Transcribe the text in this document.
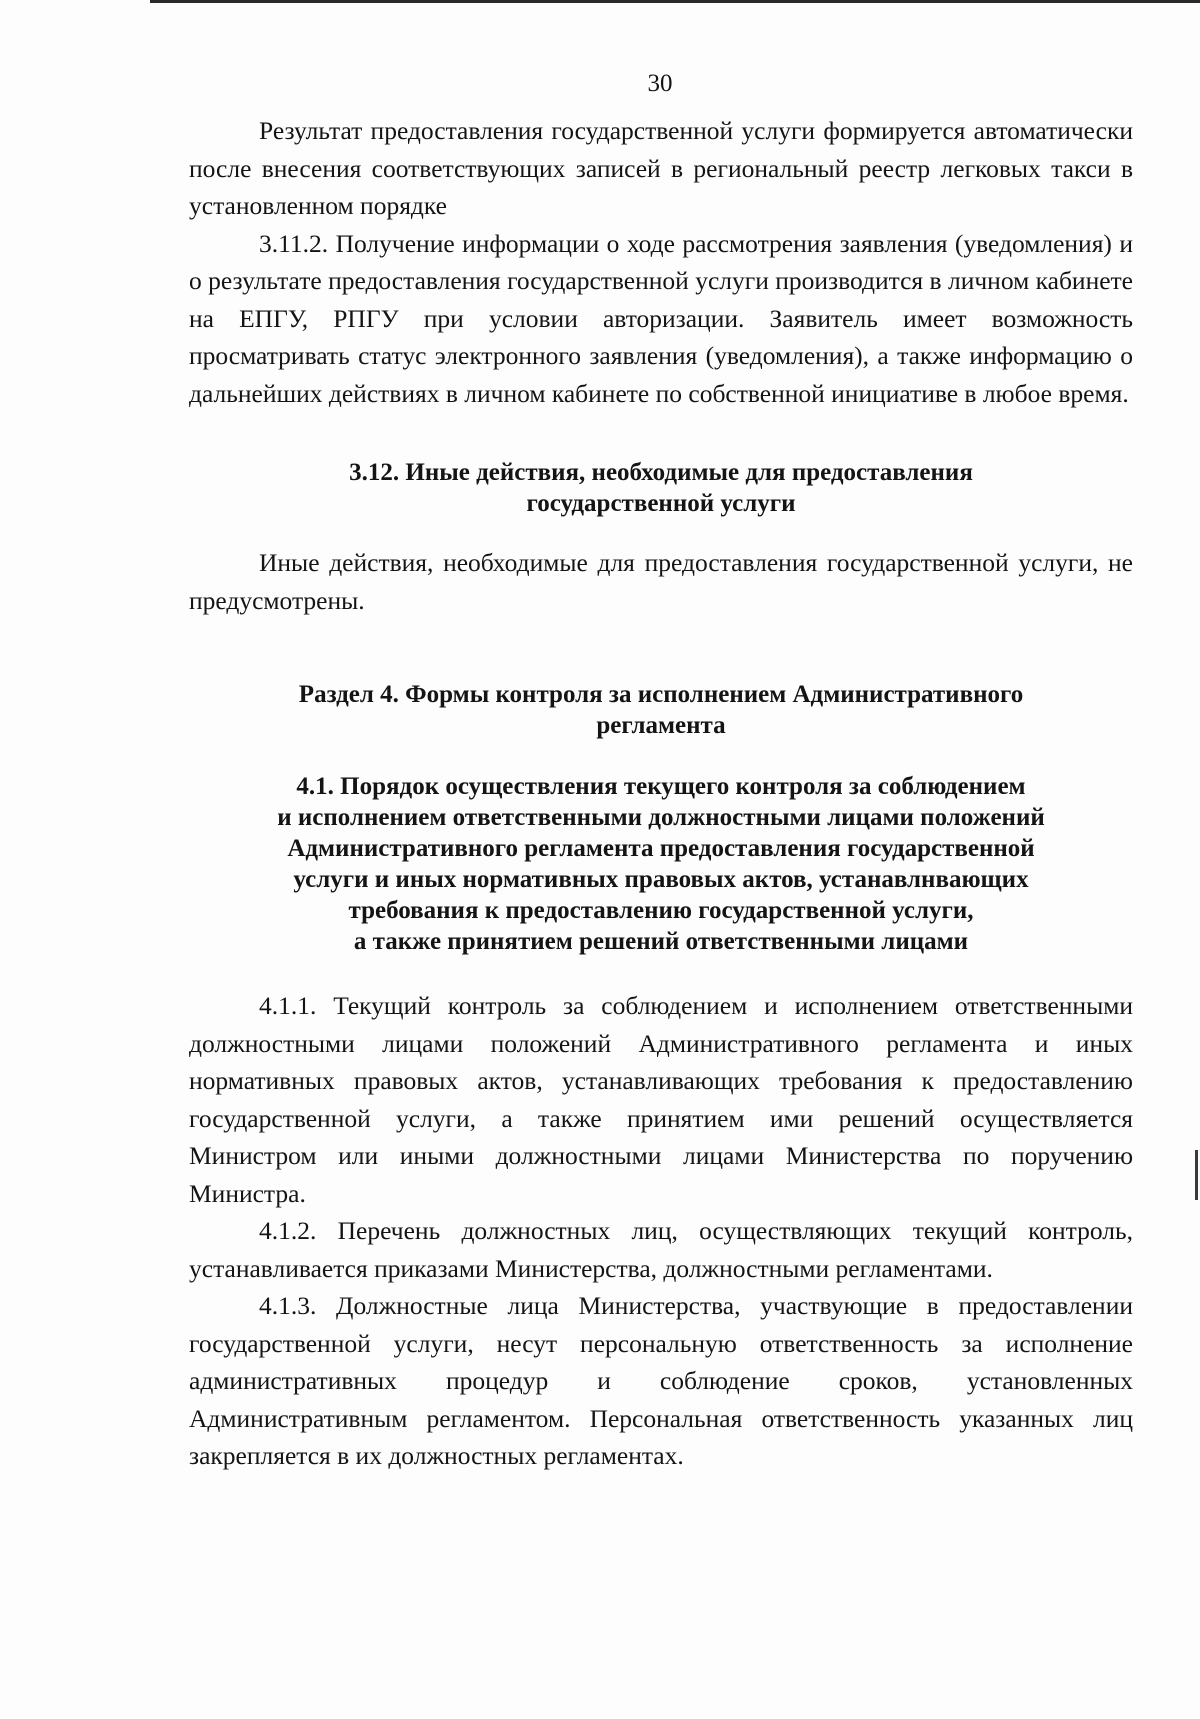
30

Результат предоставления государственной услуги формируется автоматически после внесения соответствующих записей в региональный реестр легковых такси в установленном порядке

3.11.2. Получение информации о ходе рассмотрения заявления (уведомления) и о результате предоставления государственной услуги производится в личном кабинете на ЕПГУ, РПГУ при условии авторизации. Заявитель имеет возможность просматривать статус электронного заявления (уведомления), а также информацию о дальнейших действиях в личном кабинете по собственной инициативе в любое время.

3.12. Иные действия, необходимые для предоставления
государственной услуги

Иные действия, необходимые для предоставления государственной услуги, не предусмотрены.

Раздел 4. Формы контроля за исполнением Административного
регламента
4.1. Порядок осуществления текущего контроля за соблюдением
и исполнением ответственными должностными лицами положений
Административного регламента предоставления государственной
услуги и иных нормативных правовых актов, устанавлнвающих
требования к предоставлению государственной услуги,
а также принятием решений ответственными лицами

4.1.1. Текущий контроль за соблюдением и исполнением ответственными должностными лицами положений Административного регламента и иных нормативных правовых актов, устанавливающих требования к предоставлению государственной услуги, а также принятием ими решений осуществляется Министром или иными должностными лицами Министерства по поручению Министра.

4.1.2. Перечень должностных лиц, осуществляющих текущий контроль, устанавливается приказами Министерства, должностными регламентами.

4.1.3. Должностные лица Министерства, участвующие в предоставлении государственной услуги, несут персональную ответственность за исполнение административных процедур и соблюдение сроков, установленных Административным регламентом. Персональная ответственность указанных лиц закрепляется в их должностных регламентах.
